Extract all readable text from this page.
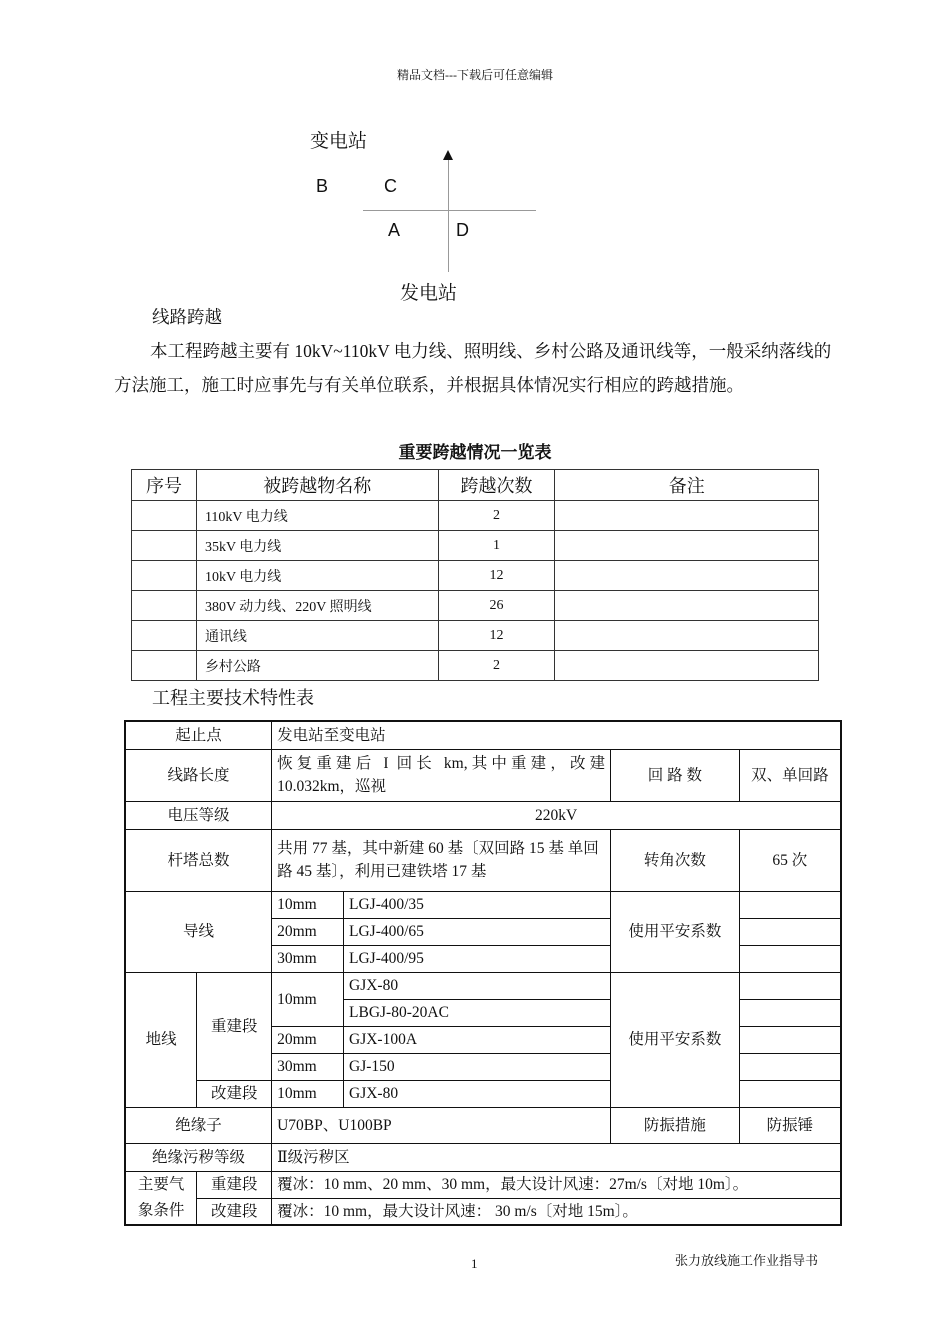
精品文档---下载后可任意编辑
变电站
B	C
A	D
发电站
线路跨越
本工程跨越主要有 10kV~110kV 电力线、照明线、乡村公路及通讯线等，一般采纳落线的方法施工，施工时应事先与有关单位联系，并根据具体情况实行相应的跨越措施。
重要跨越情况一览表
序号	被跨越物名称	跨越次数	备注
	110kV 电力线	2	
	35kV 电力线	1	
	10kV 电力线	12	
	380V 动力线、220V 照明线	26	
	通讯线	12	
	乡村公路	2	
工程主要技术特性表
起止点		发电站至变电站			
线路长度		恢复重建后 I 回长 km,其中重建，改建 10.032km，巡视		回 路 数	双、单回路
电压等级		220kV			
杆塔总数		共用 77 基，其中新建 60 基〔双回路 15 基 单回路 45 基〕，利用已建铁塔 17 基		转角次数	65 次
导线		10mm	LGJ-400/35	使用平安系数	
		20mm	LGJ-400/65		
		30mm	LGJ-400/95		
地线	重建段	10mm	GJX-80	使用平安系数	
			LBGJ-80-20AC		
		20mm	GJX-100A		
		30mm	GJ-150		
	改建段	10mm	GJX-80		
绝缘子		U70BP、U100BP		防振措施	防振锤
绝缘污秽等级		Ⅱ级污秽区			
主要气象条件	重建段	覆冰：10 mm、20 mm、30 mm，最大设计风速：27m/s〔对地 10m〕。			
	改建段	覆冰：10 mm，最大设计风速： 30 m/s〔对地 15m〕。			
1	张力放线施工作业指导书
